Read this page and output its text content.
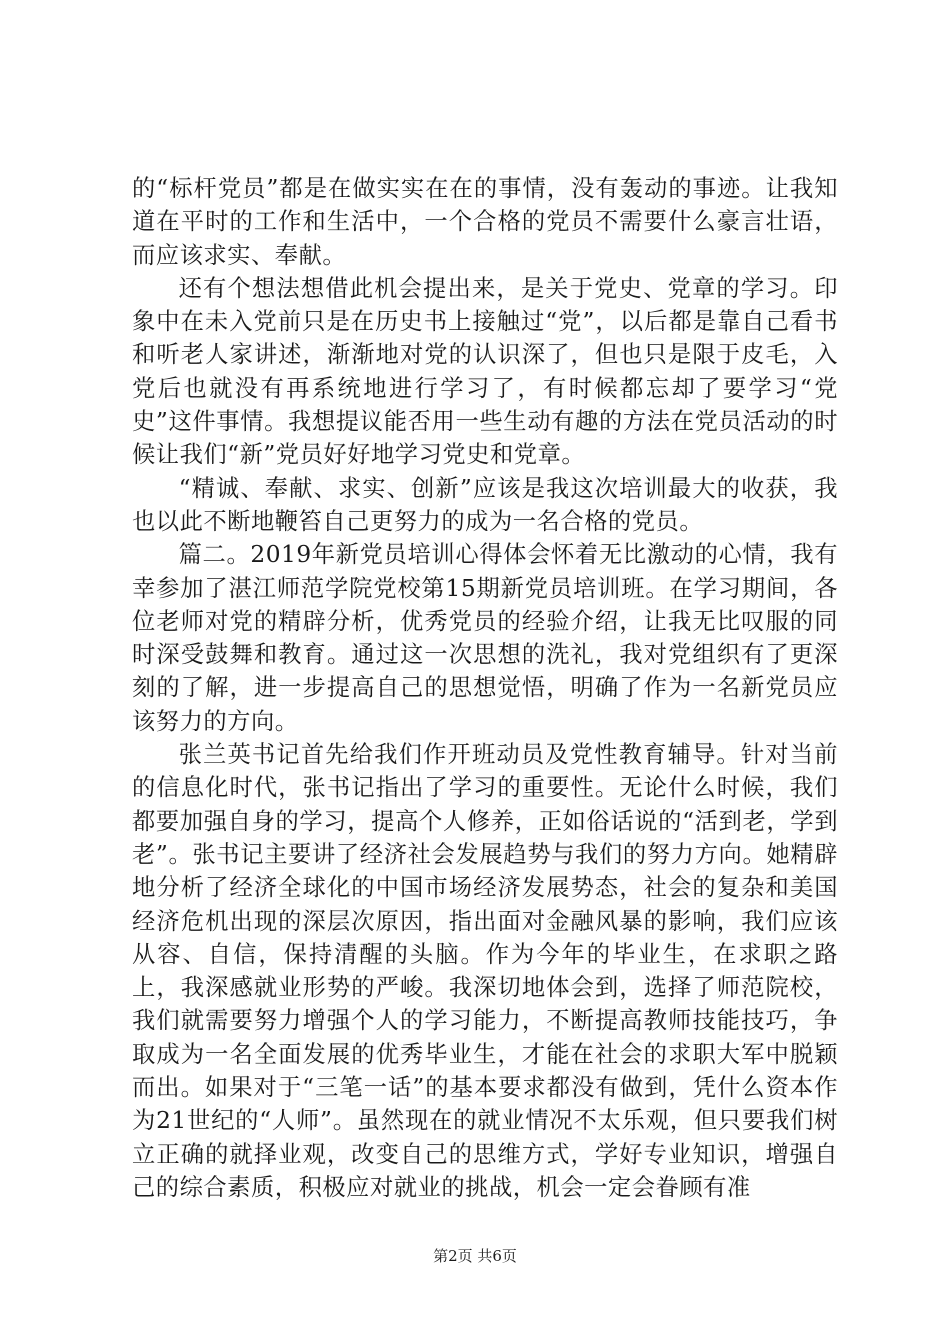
的“标杆党员”都是在做实实在在的事情，没有轰动的事迹。让我知道在平时的工作和生活中，一个合格的党员不需要什么豪言壮语，而应该求实、奉献。

还有个想法想借此机会提出来，是关于党史、党章的学习。印象中在未入党前只是在历史书上接触过“党”，以后都是靠自己看书和听老人家讲述，渐渐地对党的认识深了，但也只是限于皮毛，入党后也就没有再系统地进行学习了，有时候都忘却了要学习“党史”这件事情。我想提议能否用一些生动有趣的方法在党员活动的时候让我们“新”党员好好地学习党史和党章。

“精诚、奉献、求实、创新”应该是我这次培训最大的收获，我也以此不断地鞭笞自己更努力的成为一名合格的党员。

篇二。2019年新党员培训心得体会怀着无比激动的心情，我有幸参加了湛江师范学院党校第15期新党员培训班。在学习期间，各位老师对党的精辟分析，优秀党员的经验介绍，让我无比叹服的同时深受鼓舞和教育。通过这一次思想的洗礼，我对党组织有了更深刻的了解，进一步提高自己的思想觉悟，明确了作为一名新党员应该努力的方向。

张兰英书记首先给我们作开班动员及党性教育辅导。针对当前的信息化时代，张书记指出了学习的重要性。无论什么时候，我们都要加强自身的学习，提高个人修养，正如俗话说的“活到老，学到老”。张书记主要讲了经济社会发展趋势与我们的努力方向。她精辟地分析了经济全球化的中国市场经济发展势态，社会的复杂和美国经济危机出现的深层次原因，指出面对金融风暴的影响，我们应该从容、自信，保持清醒的头脑。作为今年的毕业生，在求职之路上，我深感就业形势的严峻。我深切地体会到，选择了师范院校，我们就需要努力增强个人的学习能力，不断提高教师技能技巧，争取成为一名全面发展的优秀毕业生，才能在社会的求职大军中脱颖而出。如果对于“三笔一话”的基本要求都没有做到，凭什么资本作为21世纪的“人师”。虽然现在的就业情况不太乐观，但只要我们树立正确的就择业观，改变自己的思维方式，学好专业知识，增强自己的综合素质，积极应对就业的挑战，机会一定会眷顾有准

第2页 共6页
